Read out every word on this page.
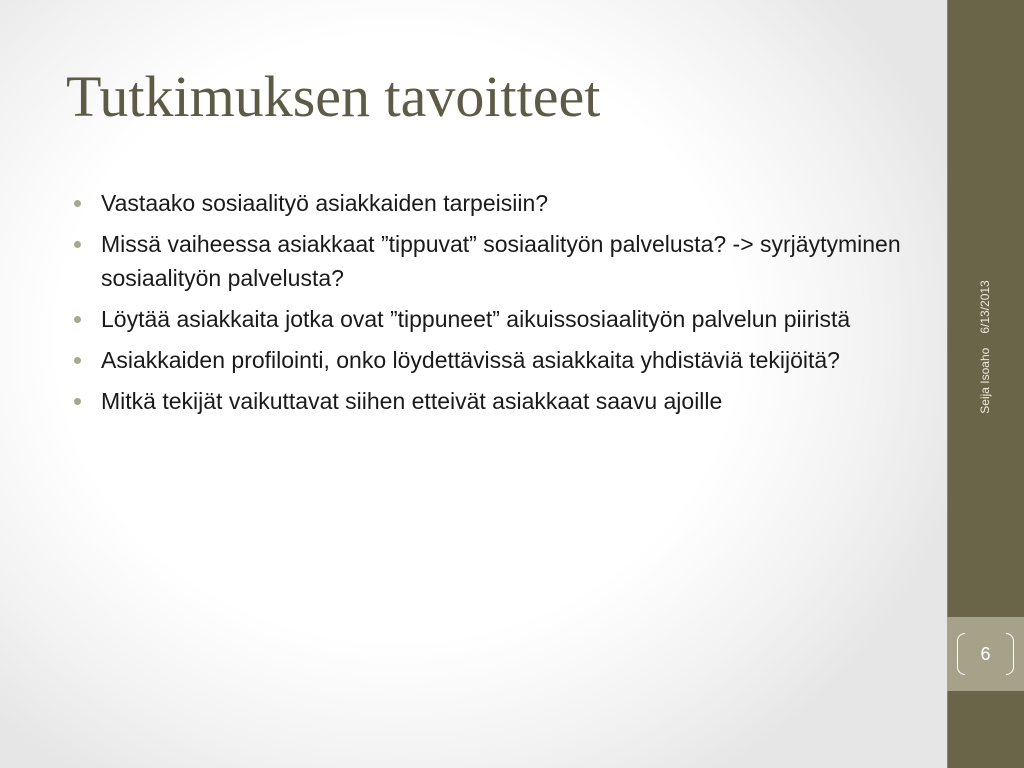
Tutkimuksen tavoitteet
Vastaako sosiaalityö asiakkaiden tarpeisiin?
Missä vaiheessa asiakkaat ”tippuvat” sosiaalityön palvelusta? -> syrjäytyminen sosiaalityön palvelusta?
Löytää asiakkaita jotka ovat ”tippuneet” aikuissosiaalityön palvelun piiristä
Asiakkaiden profilointi, onko löydettävissä asiakkaita yhdistäviä tekijöitä?
Mitkä tekijät vaikuttavat siihen etteivät asiakkaat saavu ajoille	Seija Isoaho
6/13/2013
6
